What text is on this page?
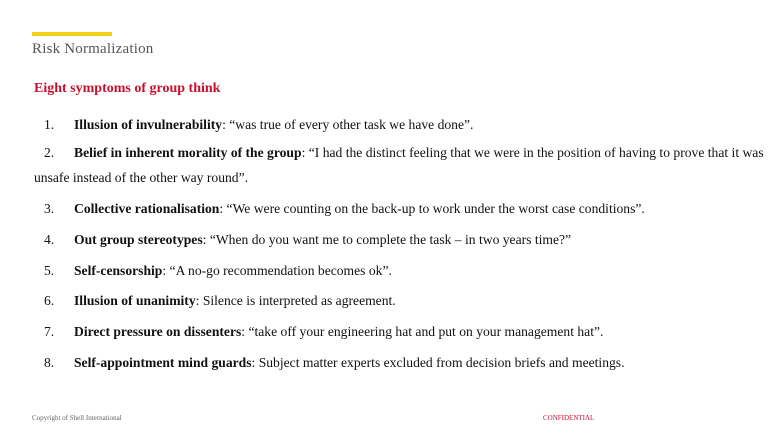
Risk Normalization
Eight symptoms of group think
1. Illusion of invulnerability: “was true of every other task we have done”.
2. Belief in inherent morality of the group: “I had the distinct feeling that we were in the position of having to prove that it was unsafe instead of the other way round”.
3. Collective rationalisation: “We were counting on the back-up to work under the worst case conditions”.
4. Out group stereotypes: “When do you want me to complete the task – in two years time?”
5. Self-censorship: “A no-go recommendation becomes ok”.
6. Illusion of unanimity: Silence is interpreted as agreement.
7. Direct pressure on dissenters: “take off your engineering hat and put on your management hat”.
8. Self-appointment mind guards: Subject matter experts excluded from decision briefs and meetings.
Copyright of Shell International	CONFIDENTIAL
